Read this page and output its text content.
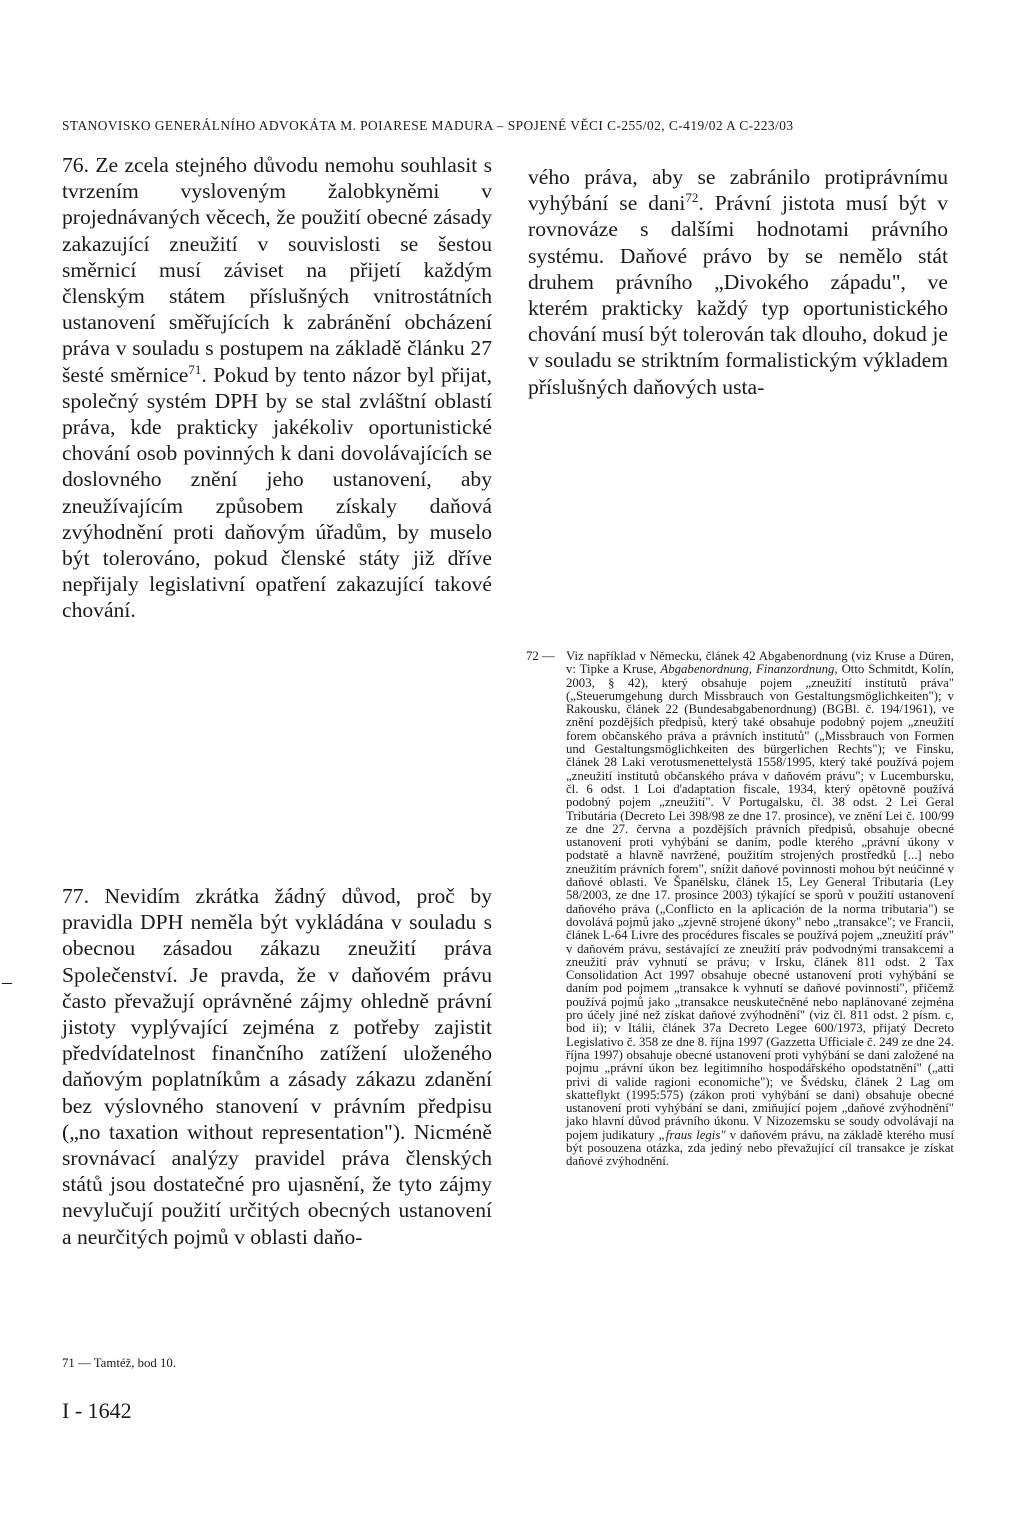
STANOVISKO GENERÁLNÍHO ADVOKÁTA M. POIARESE MADURA – SPOJENÉ VĚCI C-255/02, C-419/02 A C-223/03

76. Ze zcela stejného důvodu nemohu souhlasit s tvrzením vysloveným žalobkyněmi v projednávaných věcech, že použití obecné zásady zakazující zneužití v souvislosti se šestou směrnicí musí záviset na přijetí každým členským státem příslušných vnitrostátních ustanovení směřujících k zabránění obcházení práva v souladu s postupem na základě článku 27 šesté směrnice$^{71}$. Pokud by tento názor byl přijat, společný systém DPH by se stal zvláštní oblastí práva, kde prakticky jakékoliv oportunistické chování osob povinných k dani dovolávajících se doslovného znění jeho ustanovení, aby zneužívajícím způsobem získaly daňová zvýhodnění proti daňovým úřadům, by muselo být tolerováno, pokud členské státy již dříve nepřijaly legislativní opatření zakazující takové chování.

vého práva, aby se zabránilo protiprávnímu vyhýbání se dani$^{72}$. Právní jistota musí být v rovnováze s dalšími hodnotami právního systému. Daňové právo by se nemělo stát druhem právního „Divokého západu", ve kterém prakticky každý typ oportunistického chování musí být tolerován tak dlouho, dokud je v souladu se striktním formalistickým výkladem příslušných daňových usta-

72 — Viz například v Německu, článek 42 Abgabenordnung (viz Kruse a Düren, v: Tipke a Kruse, Abgabenordnung, Finanzordnung, Otto Schmitdt, Kolín, 2003, § 42), který obsahuje pojem „zneužití institutů práva" („Steuerumgehung durch Missbrauch von Gestaltungsmöglichkeiten"); v Rakousku, článek 22 (Bundesabgabenordnung) (BGBl. č. 194/1961), ve znění pozdějších předpisů, který také obsahuje podobný pojem „zneužití forem občanského práva a právních institutů" („Missbrauch von Formen und Gestaltungsmöglichkeiten des bürgerlichen Rechts"); ve Finsku, článek 28 Laki verotusmenettelystä 1558/1995, který také používá pojem „zneužití institutů občanského práva v daňovém právu"; v Lucembursku, čl. 6 odst. 1 Loi d'adaptation fiscale, 1934, který opětovně používá podobný pojem „zneužití". V Portugalsku, čl. 38 odst. 2 Lei Geral Tributária (Decreto Lei 398/98 ze dne 17. prosince), ve znění Lei č. 100/99 ze dne 27. června a pozdějších právních předpisů, obsahuje obecné ustanovení proti vyhýbání se daním, podle kterého „právní úkony v podstatě a hlavně navržené, použitím strojených prostředků [...] nebo zneužitím právních forem", snížit daňové povinnosti mohou být neúčinné v daňové oblasti. Ve Španělsku, článek 15, Ley General Tributaria (Ley 58/2003, ze dne 17. prosince 2003) týkající se sporů v použití ustanovení daňového práva („Conflicto en la aplicación de la norma tributaria") se dovolává pojmů jako „zjevně strojené úkony" nebo „transakce"; ve Francii, článek L-64 Livre des procédures fiscales se používá pojem „zneužití práv" v daňovém právu, sestávající ze zneužití práv podvodnými transakcemi a zneužití práv vyhnutí se právu; v Irsku, článek 811 odst. 2 Tax Consolidation Act 1997 obsahuje obecné ustanovení proti vyhýbání se daním pod pojmem „transakce k vyhnutí se daňové povinnosti", přičemž používá pojmů jako „transakce neuskutečněné nebo naplánované zejména pro účely jiné než získat daňové zvýhodnění" (viz čl. 811 odst. 2 písm. c, bod ii); v Itálii, článek 37a Decreto Legee 600/1973, přijatý Decreto Legislativo č. 358 ze dne 8. října 1997 (Gazzetta Ufficiale č. 249 ze dne 24. října 1997) obsahuje obecné ustanovení proti vyhýbání se dani založené na pojmu „právní úkon bez legitimního hospodářského opodstatnění" („atti privi di valide ragioni economiche"); ve Švédsku, článek 2 Lag om skatteflykt (1995:575) (zákon proti vyhýbání se dani) obsahuje obecné ustanovení proti vyhýbání se dani, zmiňující pojem „daňové zvýhodnění" jako hlavní důvod právního úkonu. V Nizozemsku se soudy odvolávají na pojem judikatury „fraus legis" v daňovém právu, na základě kterého musí být posouzena otázka, zda jediný nebo převažující cíl transakce je získat daňové zvýhodnění.
–

77. Nevidím zkrátka žádný důvod, proč by pravidla DPH neměla být vykládána v souladu s obecnou zásadou zákazu zneužití práva Společenství. Je pravda, že v daňovém právu často převažují oprávněné zájmy ohledně právní jistoty vyplývající zejména z potřeby zajistit předvídatelnost finančního zatížení uloženého daňovým poplatníkům a zásady zákazu zdanění bez výslovného stanovení v právním předpisu („no taxation without representation"). Nicméně srovnávací analýzy pravidel práva členských států jsou dostatečné pro ujasnění, že tyto zájmy nevylučují použití určitých obecných ustanovení a neurčitých pojmů v oblasti daňo-

71 — Tamtéž, bod 10.
I - 1642
